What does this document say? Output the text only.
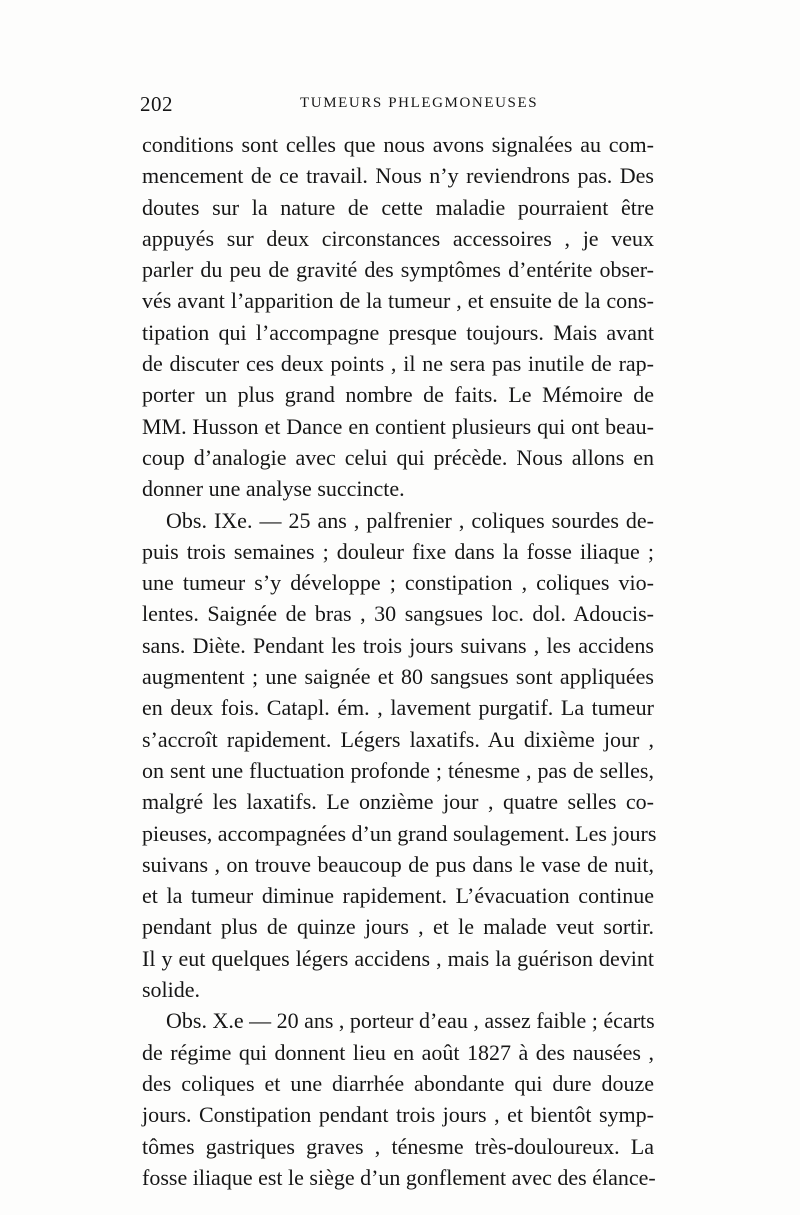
202	TUMEURS PHLEGMONEUSES
conditions sont celles que nous avons signalées au com-
mencement de ce travail. Nous n’y reviendrons pas. Des
doutes sur la nature de cette maladie pourraient être
appuyés sur deux circonstances accessoires , je veux
parler du peu de gravité des symptômes d’entérite obser-
vés avant l’apparition de la tumeur , et ensuite de la cons-
tipation qui l’accompagne presque toujours. Mais avant
de discuter ces deux points , il ne sera pas inutile de rap-
porter un plus grand nombre de faits. Le Mémoire de
MM. Husson et Dance en contient plusieurs qui ont beau-
coup d’analogie avec celui qui précède. Nous allons en
donner une analyse succincte.
Obs. IXe. — 25 ans , palfrenier , coliques sourdes de-
puis trois semaines ; douleur fixe dans la fosse iliaque ;
une tumeur s’y développe ; constipation , coliques vio-
lentes. Saignée de bras , 30 sangsues loc. dol. Adoucis-
sans. Diète. Pendant les trois jours suivans , les accidens
augmentent ; une saignée et 80 sangsues sont appliquées
en deux fois. Catapl. ém. , lavement purgatif. La tumeur
s’accroît rapidement. Légers laxatifs. Au dixième jour ,
on sent une fluctuation profonde ; ténesme , pas de selles,
malgré les laxatifs. Le onzième jour , quatre selles co-
pieuses, accompagnées d’un grand soulagement. Les jours
suivans , on trouve beaucoup de pus dans le vase de nuit,
et la tumeur diminue rapidement. L’évacuation continue
pendant plus de quinze jours , et le malade veut sortir.
Il y eut quelques légers accidens , mais la guérison devint
solide.
Obs. X.e — 20 ans , porteur d’eau , assez faible ; écarts
de régime qui donnent lieu en août 1827 à des nausées ,
des coliques et une diarrhée abondante qui dure douze
jours. Constipation pendant trois jours , et bientôt symp-
tômes gastriques graves , ténesme très-douloureux. La
fosse iliaque est le siège d’un gonflement avec des élance-
